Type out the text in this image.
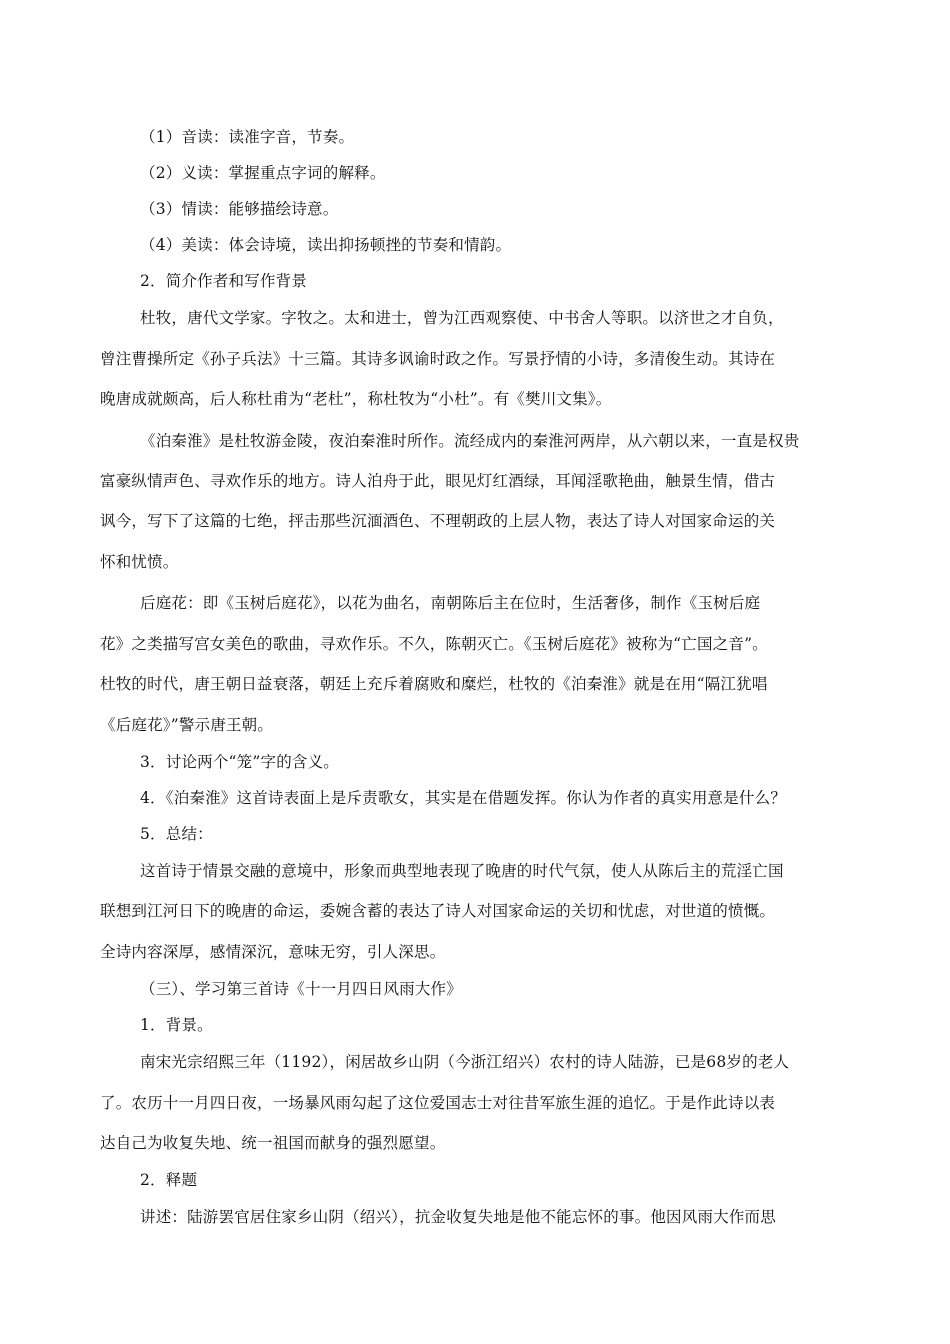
（1）音读：读准字音，节奏。
（2）义读：掌握重点字词的解释。
（3）情读：能够描绘诗意。
（4）美读：体会诗境，读出抑扬顿挫的节奏和情韵。
2．简介作者和写作背景
杜牧，唐代文学家。字牧之。太和进士，曾为江西观察使、中书舍人等职。以济世之才自负，
曾注曹操所定《孙子兵法》十三篇。其诗多讽谕时政之作。写景抒情的小诗，多清俊生动。其诗在
晚唐成就颇高，后人称杜甫为“老杜”，称杜牧为“小杜”。有《樊川文集》。
《泊秦淮》是杜牧游金陵，夜泊秦淮时所作。流经成内的秦淮河两岸，从六朝以来，一直是权贵
富豪纵情声色、寻欢作乐的地方。诗人泊舟于此，眼见灯红酒绿，耳闻淫歌艳曲，触景生情，借古
讽今，写下了这篇的七绝，抨击那些沉湎酒色、不理朝政的上层人物，表达了诗人对国家命运的关
怀和忧愤。
后庭花：即《玉树后庭花》，以花为曲名，南朝陈后主在位时，生活奢侈，制作《玉树后庭
花》之类描写宫女美色的歌曲，寻欢作乐。不久，陈朝灭亡。《玉树后庭花》被称为“亡国之音”。
杜牧的时代，唐王朝日益衰落，朝廷上充斥着腐败和糜烂，杜牧的《泊秦淮》就是在用“隔江犹唱
《后庭花》”警示唐王朝。
3．讨论两个“笼”字的含义。
4．《泊秦淮》这首诗表面上是斥责歌女，其实是在借题发挥。你认为作者的真实用意是什么？
5．总结：
这首诗于情景交融的意境中，形象而典型地表现了晚唐的时代气氛，使人从陈后主的荒淫亡国
联想到江河日下的晚唐的命运，委婉含蓄的表达了诗人对国家命运的关切和忧虑，对世道的愤慨。
全诗内容深厚，感情深沉，意味无穷，引人深思。
（三）、学习第三首诗《十一月四日风雨大作》
1．背景。
南宋光宗绍熙三年（1192），闲居故乡山阴（今浙江绍兴）农村的诗人陆游，已是68岁的老人
了。农历十一月四日夜，一场暴风雨勾起了这位爱国志士对往昔军旅生涯的追忆。于是作此诗以表
达自己为收复失地、统一祖国而献身的强烈愿望。
2．释题
讲述：陆游罢官居住家乡山阴（绍兴），抗金收复失地是他不能忘怀的事。他因风雨大作而思
